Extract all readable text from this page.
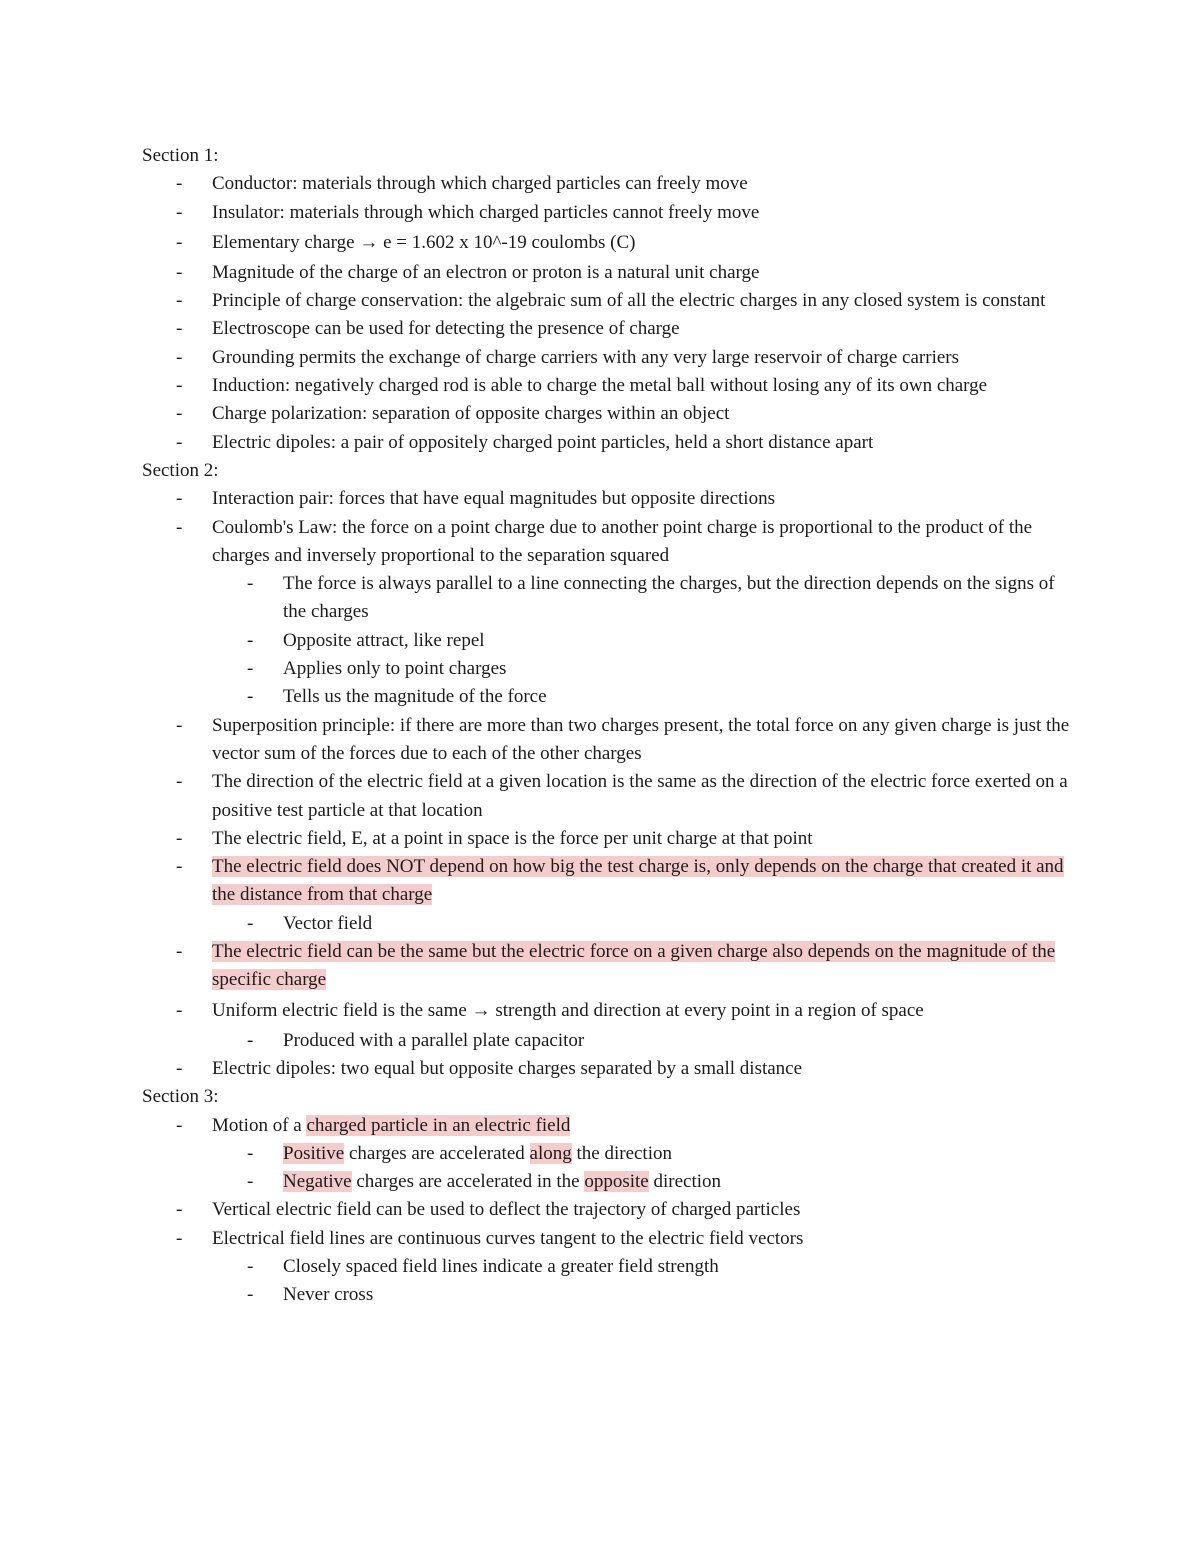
Section 1:
- Conductor: materials through which charged particles can freely move
- Insulator: materials through which charged particles cannot freely move
- Elementary charge → e = 1.602 x 10^-19 coulombs (C)
- Magnitude of the charge of an electron or proton is a natural unit charge
- Principle of charge conservation: the algebraic sum of all the electric charges in any closed system is constant
- Electroscope can be used for detecting the presence of charge
- Grounding permits the exchange of charge carriers with any very large reservoir of charge carriers
- Induction: negatively charged rod is able to charge the metal ball without losing any of its own charge
- Charge polarization: separation of opposite charges within an object
- Electric dipoles: a pair of oppositely charged point particles, held a short distance apart
Section 2:
- Interaction pair: forces that have equal magnitudes but opposite directions
- Coulomb's Law: the force on a point charge due to another point charge is proportional to the product of the charges and inversely proportional to the separation squared
- The force is always parallel to a line connecting the charges, but the direction depends on the signs of the charges
- Opposite attract, like repel
- Applies only to point charges
- Tells us the magnitude of the force
- Superposition principle: if there are more than two charges present, the total force on any given charge is just the vector sum of the forces due to each of the other charges
- The direction of the electric field at a given location is the same as the direction of the electric force exerted on a positive test particle at that location
- The electric field, E, at a point in space is the force per unit charge at that point
- The electric field does NOT depend on how big the test charge is, only depends on the charge that created it and the distance from that charge
- Vector field
- The electric field can be the same but the electric force on a given charge also depends on the magnitude of the specific charge
- Uniform electric field is the same → strength and direction at every point in a region of space
- Produced with a parallel plate capacitor
- Electric dipoles: two equal but opposite charges separated by a small distance
Section 3:
- Motion of a charged particle in an electric field
- Positive charges are accelerated along the direction
- Negative charges are accelerated in the opposite direction
- Vertical electric field can be used to deflect the trajectory of charged particles
- Electrical field lines are continuous curves tangent to the electric field vectors
- Closely spaced field lines indicate a greater field strength
- Never cross
